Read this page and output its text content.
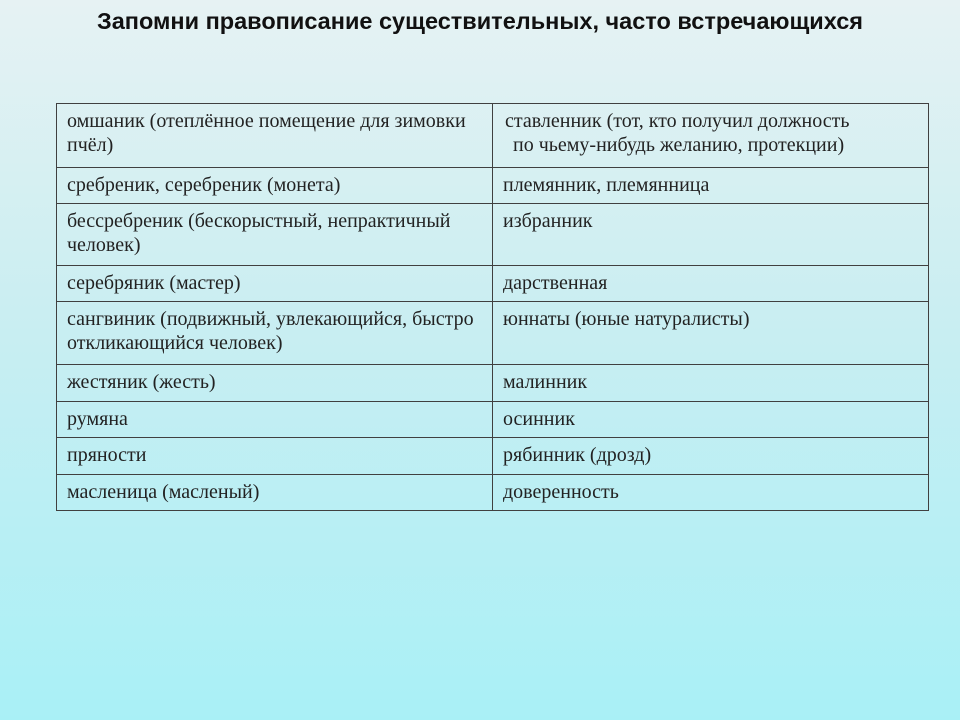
Запомни правописание существительных, часто встречающихся
омшаник (отеплённое помещение для зимовки пчёл)	ставленник (тот, кто получил должность
по чьему-нибудь желанию, протекции)

сребреник, серебреник (монета)	племянник, племянница
бессребреник (бескорыстный, непрактичный человек)	избранник
серебряник (мастер)	дарственная
сангвиник (подвижный, увлекающийся, быстро откликающийся человек)	юннаты (юные натуралисты)
жестяник (жесть)	малинник
румяна	осинник
пряности	рябинник (дрозд)
масленица (масленый)	доверенность
